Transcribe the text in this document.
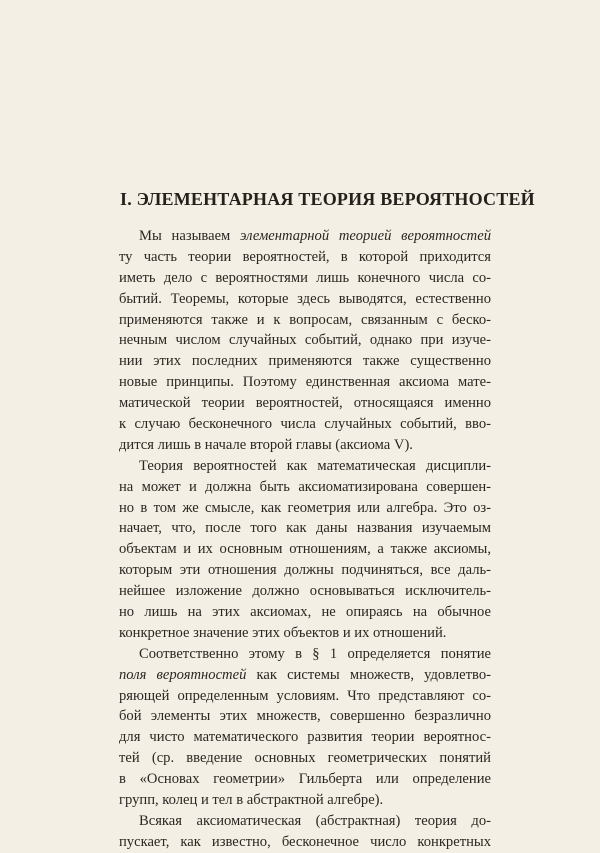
I. ЭЛЕМЕНТАРНАЯ ТЕОРИЯ ВЕРОЯТНОСТЕЙ
Мы называем элементарной теорией вероятностей
ту часть теории вероятностей, в которой приходится
иметь дело с вероятностями лишь конечного числа со-
бытий. Теоремы, которые здесь выводятся, естественно
применяются также и к вопросам, связанным с беско-
нечным числом случайных событий, однако при изуче-
нии этих последних применяются также существенно
новые принципы. Поэтому единственная аксиома мате-
матической теории вероятностей, относящаяся именно
к случаю бесконечного числа случайных событий, вво-
дится лишь в начале второй главы (аксиома V).
Теория вероятностей как математическая дисципли-
на может и должна быть аксиоматизирована совершен-
но в том же смысле, как геометрия или алгебра. Это оз-
начает, что, после того как даны названия изучаемым
объектам и их основным отношениям, а также аксиомы,
которым эти отношения должны подчиняться, все даль-
нейшее изложение должно основываться исключитель-
но лишь на этих аксиомах, не опираясь на обычное
конкретное значение этих объектов и их отношений.
Соответственно этому в § 1 определяется понятие
поля вероятностей как системы множеств, удовлетво-
ряющей определенным условиям. Что представляют со-
бой элементы этих множеств, совершенно безразлично
для чисто математического развития теории вероятнос-
тей (ср. введение основных геометрических понятий
в «Основах геометрии» Гильберта или определение
групп, колец и тел в абстрактной алгебре).
Всякая аксиоматическая (абстрактная) теория до-
пускает, как известно, бесконечное число конкретных
